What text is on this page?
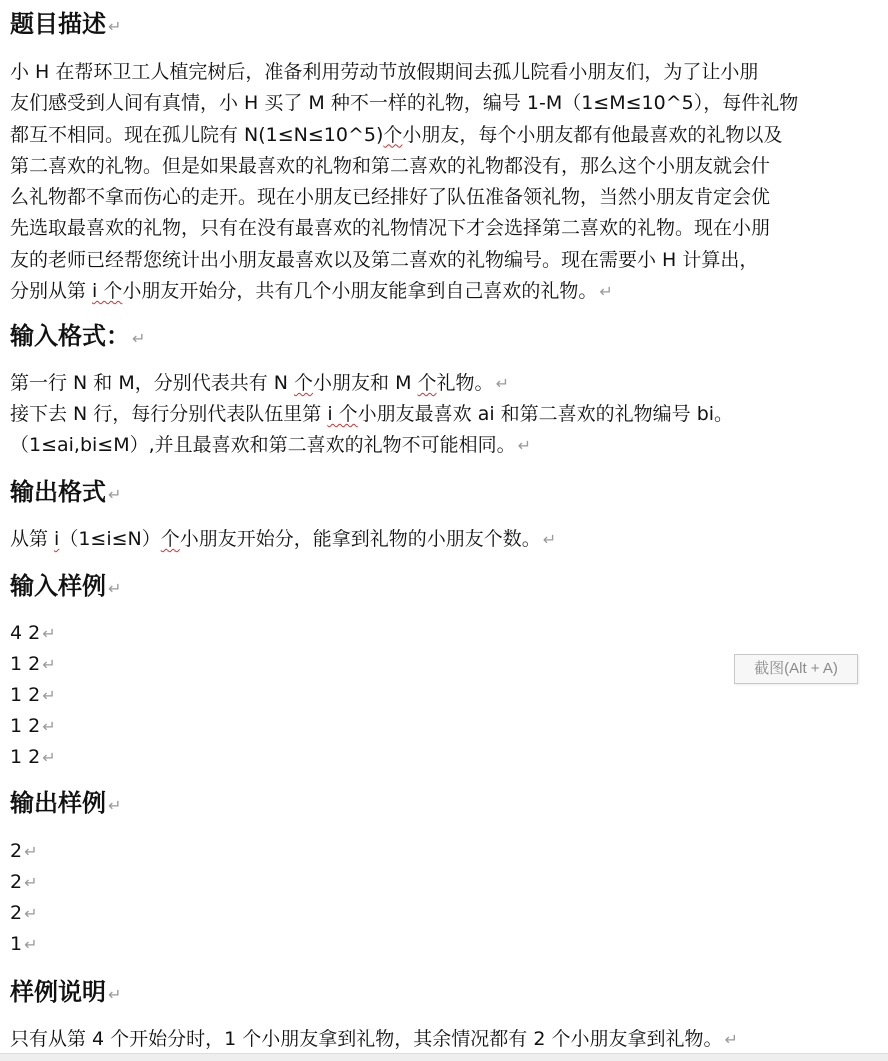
题目描述 ↵

小 H 在帮环卫工人植完树后，准备利用劳动节放假期间去孤儿院看小朋友们，为了让小朋

友们感受到人间有真情，小 H 买了 M 种不一样的礼物，编号 1-M（1≤M≤10^5），每件礼物

都互不相同。现在孤儿院有 N(1≤N≤10^5)个小朋友，每个小朋友都有他最喜欢的礼物以及

第二喜欢的礼物。但是如果最喜欢的礼物和第二喜欢的礼物都没有，那么这个小朋友就会什

么礼物都不拿而伤心的走开。现在小朋友已经排好了队伍准备领礼物，当然小朋友肯定会优

先选取最喜欢的礼物，只有在没有最喜欢的礼物情况下才会选择第二喜欢的礼物。现在小朋

友的老师已经帮您统计出小朋友最喜欢以及第二喜欢的礼物编号。现在需要小 H 计算出，

分别从第 i 个小朋友开始分，共有几个小朋友能拿到自己喜欢的礼物。 ↵

输入格式： ↵

第一行 N 和 M，分别代表共有 N 个小朋友和 M 个礼物。 ↵

接下去 N 行，每行分别代表队伍里第 i 个小朋友最喜欢 ai 和第二喜欢的礼物编号 bi。

（1≤ai,bi≤M）,并且最喜欢和第二喜欢的礼物不可能相同。 ↵

输出格式 ↵

从第 i（1≤i≤N）个小朋友开始分，能拿到礼物的小朋友个数。 ↵

输入样例 ↵

4 2 ↵

1 2 ↵

1 2 ↵

1 2 ↵

1 2 ↵

输出样例 ↵

2 ↵

2 ↵

2 ↵

1 ↵

样例说明 ↵

只有从第 4 个开始分时，1 个小朋友拿到礼物，其余情况都有 2 个小朋友拿到礼物。 ↵

截图(Alt + A)
